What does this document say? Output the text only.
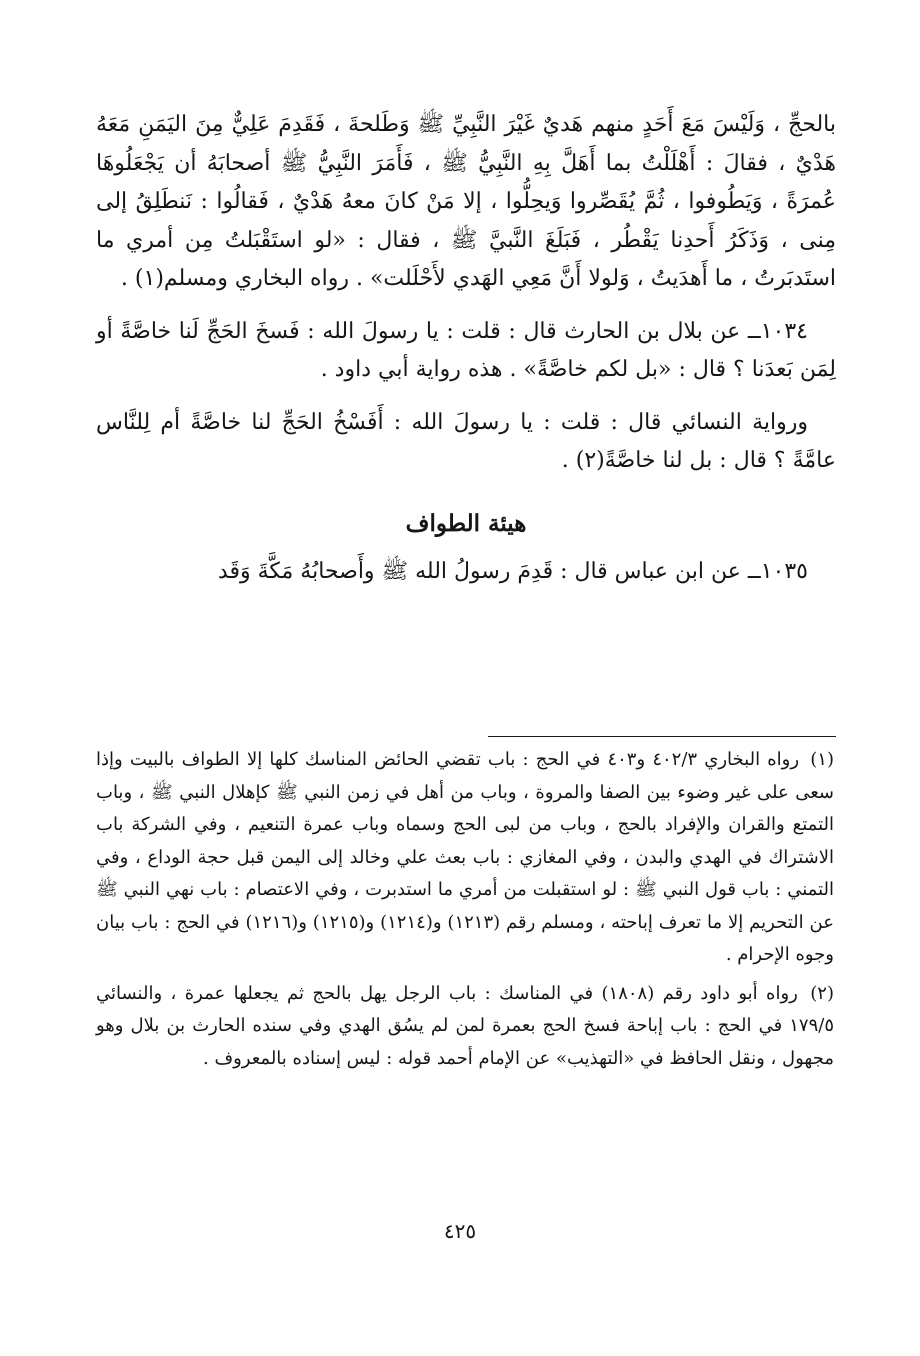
بالحجِّ ، وَلَيْسَ مَعَ أَحَدٍ منهم هَديٌ غَيْرَ النَّبِيِّ ﷺ وَطَلحةَ ، فَقَدِمَ عَلِيٌّ مِنَ اليَمَنِ مَعَهُ هَدْيٌ ، فقالَ : أَهْلَلْتُ بما أَهَلَّ بِهِ النَّبِيُّ ﷺ ، فَأَمَرَ النَّبِيُّ ﷺ أصحابَهُ أن يَجْعَلُوهَا عُمرَةً ، وَيَطُوفوا ، ثُمَّ يُقَصِّروا وَيحِلُّوا ، إلا مَنْ كانَ معهُ هَدْيٌ ، فَقالُوا : نَنطَلِقُ إلى مِنى ، وَذَكَرُ أَحدِنا يَقْطُر ، فَبَلَغَ النَّبيَّ ﷺ ، فقال : «لو استَقْبَلتُ مِن أمري ما استَدبَرتُ ، ما أَهدَيتُ ، وَلولا أَنَّ مَعِي الهَدي لأَحْلَلت» . رواه البخاري ومسلم(١) .

١٠٣٤ــ عن بلال بن الحارث قال : قلت : يا رسولَ الله : فَسخَ الحَجِّ لَنا خاصَّةً أو لِمَن بَعدَنا ؟ قال : «بل لكم خاصَّةً» . هذه رواية أبي داود .

ورواية النسائي قال : قلت : يا رسولَ الله : أَفَسْخُ الحَجِّ لنا خاصَّةً أم لِلنَّاس عامَّةً ؟ قال : بل لنا خاصَّةً(٢) .

هيئة الطواف

١٠٣٥ــ عن ابن عباس قال : قَدِمَ رسولُ الله ﷺ وأَصحابُهُ مَكَّةَ وَقَد

(١) رواه البخاري ٤٠٢/٣ و٤٠٣ في الحج : باب تقضي الحائض المناسك كلها إلا الطواف بالبيت وإذا سعى على غير وضوء بين الصفا والمروة ، وباب من أهل في زمن النبي ﷺ كإهلال النبي ﷺ ، وباب التمتع والقران والإفراد بالحج ، وباب من لبى الحج وسماه وباب عمرة التنعيم ، وفي الشركة باب الاشتراك في الهدي والبدن ، وفي المغازي : باب بعث علي وخالد إلى اليمن قبل حجة الوداع ، وفي التمني : باب قول النبي ﷺ : لو استقبلت من أمري ما استدبرت ، وفي الاعتصام : باب نهي النبي ﷺ عن التحريم إلا ما تعرف إباحته ، ومسلم رقم (١٢١٣) و(١٢١٤) و(١٢١٥) و(١٢١٦) في الحج : باب بيان وجوه الإحرام .

(٢) رواه أبو داود رقم (١٨٠٨) في المناسك : باب الرجل يهل بالحج ثم يجعلها عمرة ، والنسائي ١٧٩/٥ في الحج : باب إباحة فسخ الحج بعمرة لمن لم يسُق الهدي وفي سنده الحارث بن بلال وهو مجهول ، ونقل الحافظ في «التهذيب» عن الإمام أحمد قوله : ليس إسناده بالمعروف .

٤٢٥
